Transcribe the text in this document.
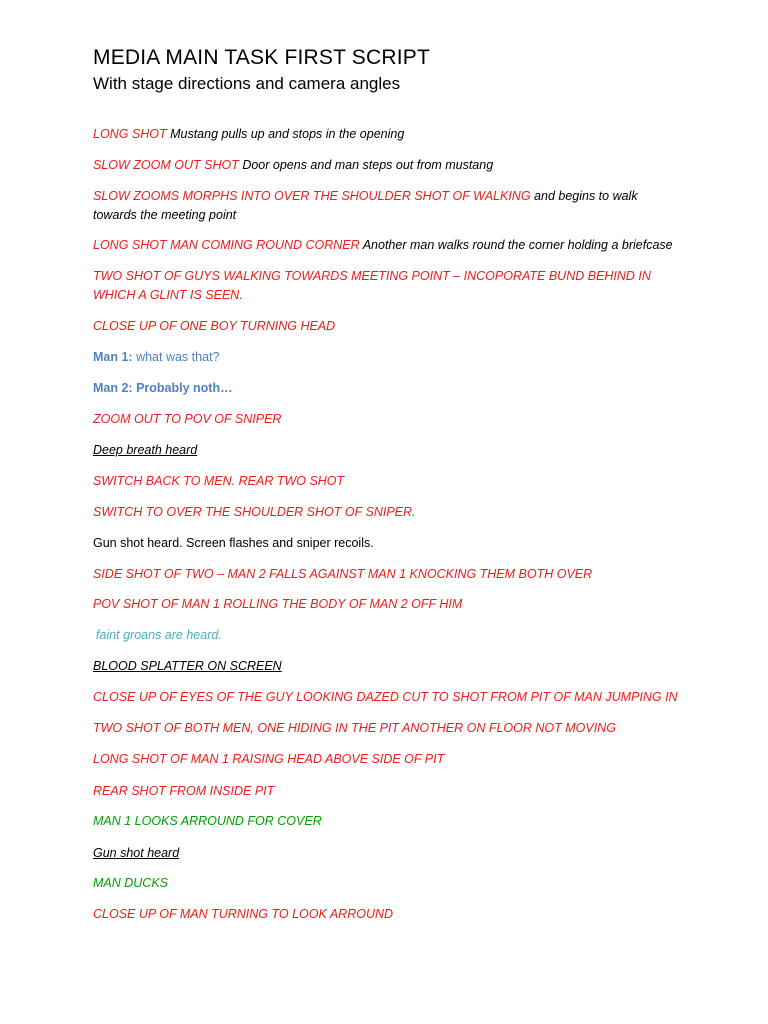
MEDIA MAIN TASK FIRST SCRIPT
With stage directions and camera angles
LONG SHOT Mustang pulls up and stops in the opening
SLOW ZOOM OUT SHOT Door opens and man steps out from mustang
SLOW ZOOMS MORPHS INTO OVER THE SHOULDER SHOT OF WALKING and begins to walk towards the meeting point
LONG SHOT MAN COMING ROUND CORNER Another man walks round the corner holding a briefcase
TWO SHOT OF GUYS WALKING TOWARDS MEETING POINT – INCOPORATE BUND BEHIND IN WHICH A GLINT IS SEEN.
CLOSE UP OF ONE BOY TURNING HEAD
Man 1: what was that?
Man 2: Probably noth…
ZOOM OUT TO POV OF SNIPER
Deep breath heard
SWITCH BACK TO MEN. REAR TWO SHOT
SWITCH TO OVER THE SHOULDER SHOT OF SNIPER.
Gun shot heard. Screen flashes and sniper recoils.
SIDE SHOT OF TWO – MAN 2 FALLS AGAINST MAN 1 KNOCKING THEM BOTH OVER
POV SHOT OF MAN 1 ROLLING THE BODY OF MAN 2 OFF HIM
faint groans are heard.
BLOOD SPLATTER ON SCREEN
CLOSE UP OF EYES OF THE GUY LOOKING DAZED CUT TO SHOT FROM PIT OF MAN JUMPING IN
TWO SHOT OF BOTH MEN, ONE HIDING IN THE PIT ANOTHER ON FLOOR NOT MOVING
LONG SHOT OF MAN 1 RAISING HEAD ABOVE SIDE OF PIT
REAR SHOT FROM INSIDE PIT
MAN 1 LOOKS ARROUND FOR COVER
Gun shot heard
MAN DUCKS
CLOSE UP OF MAN TURNING TO LOOK ARROUND
